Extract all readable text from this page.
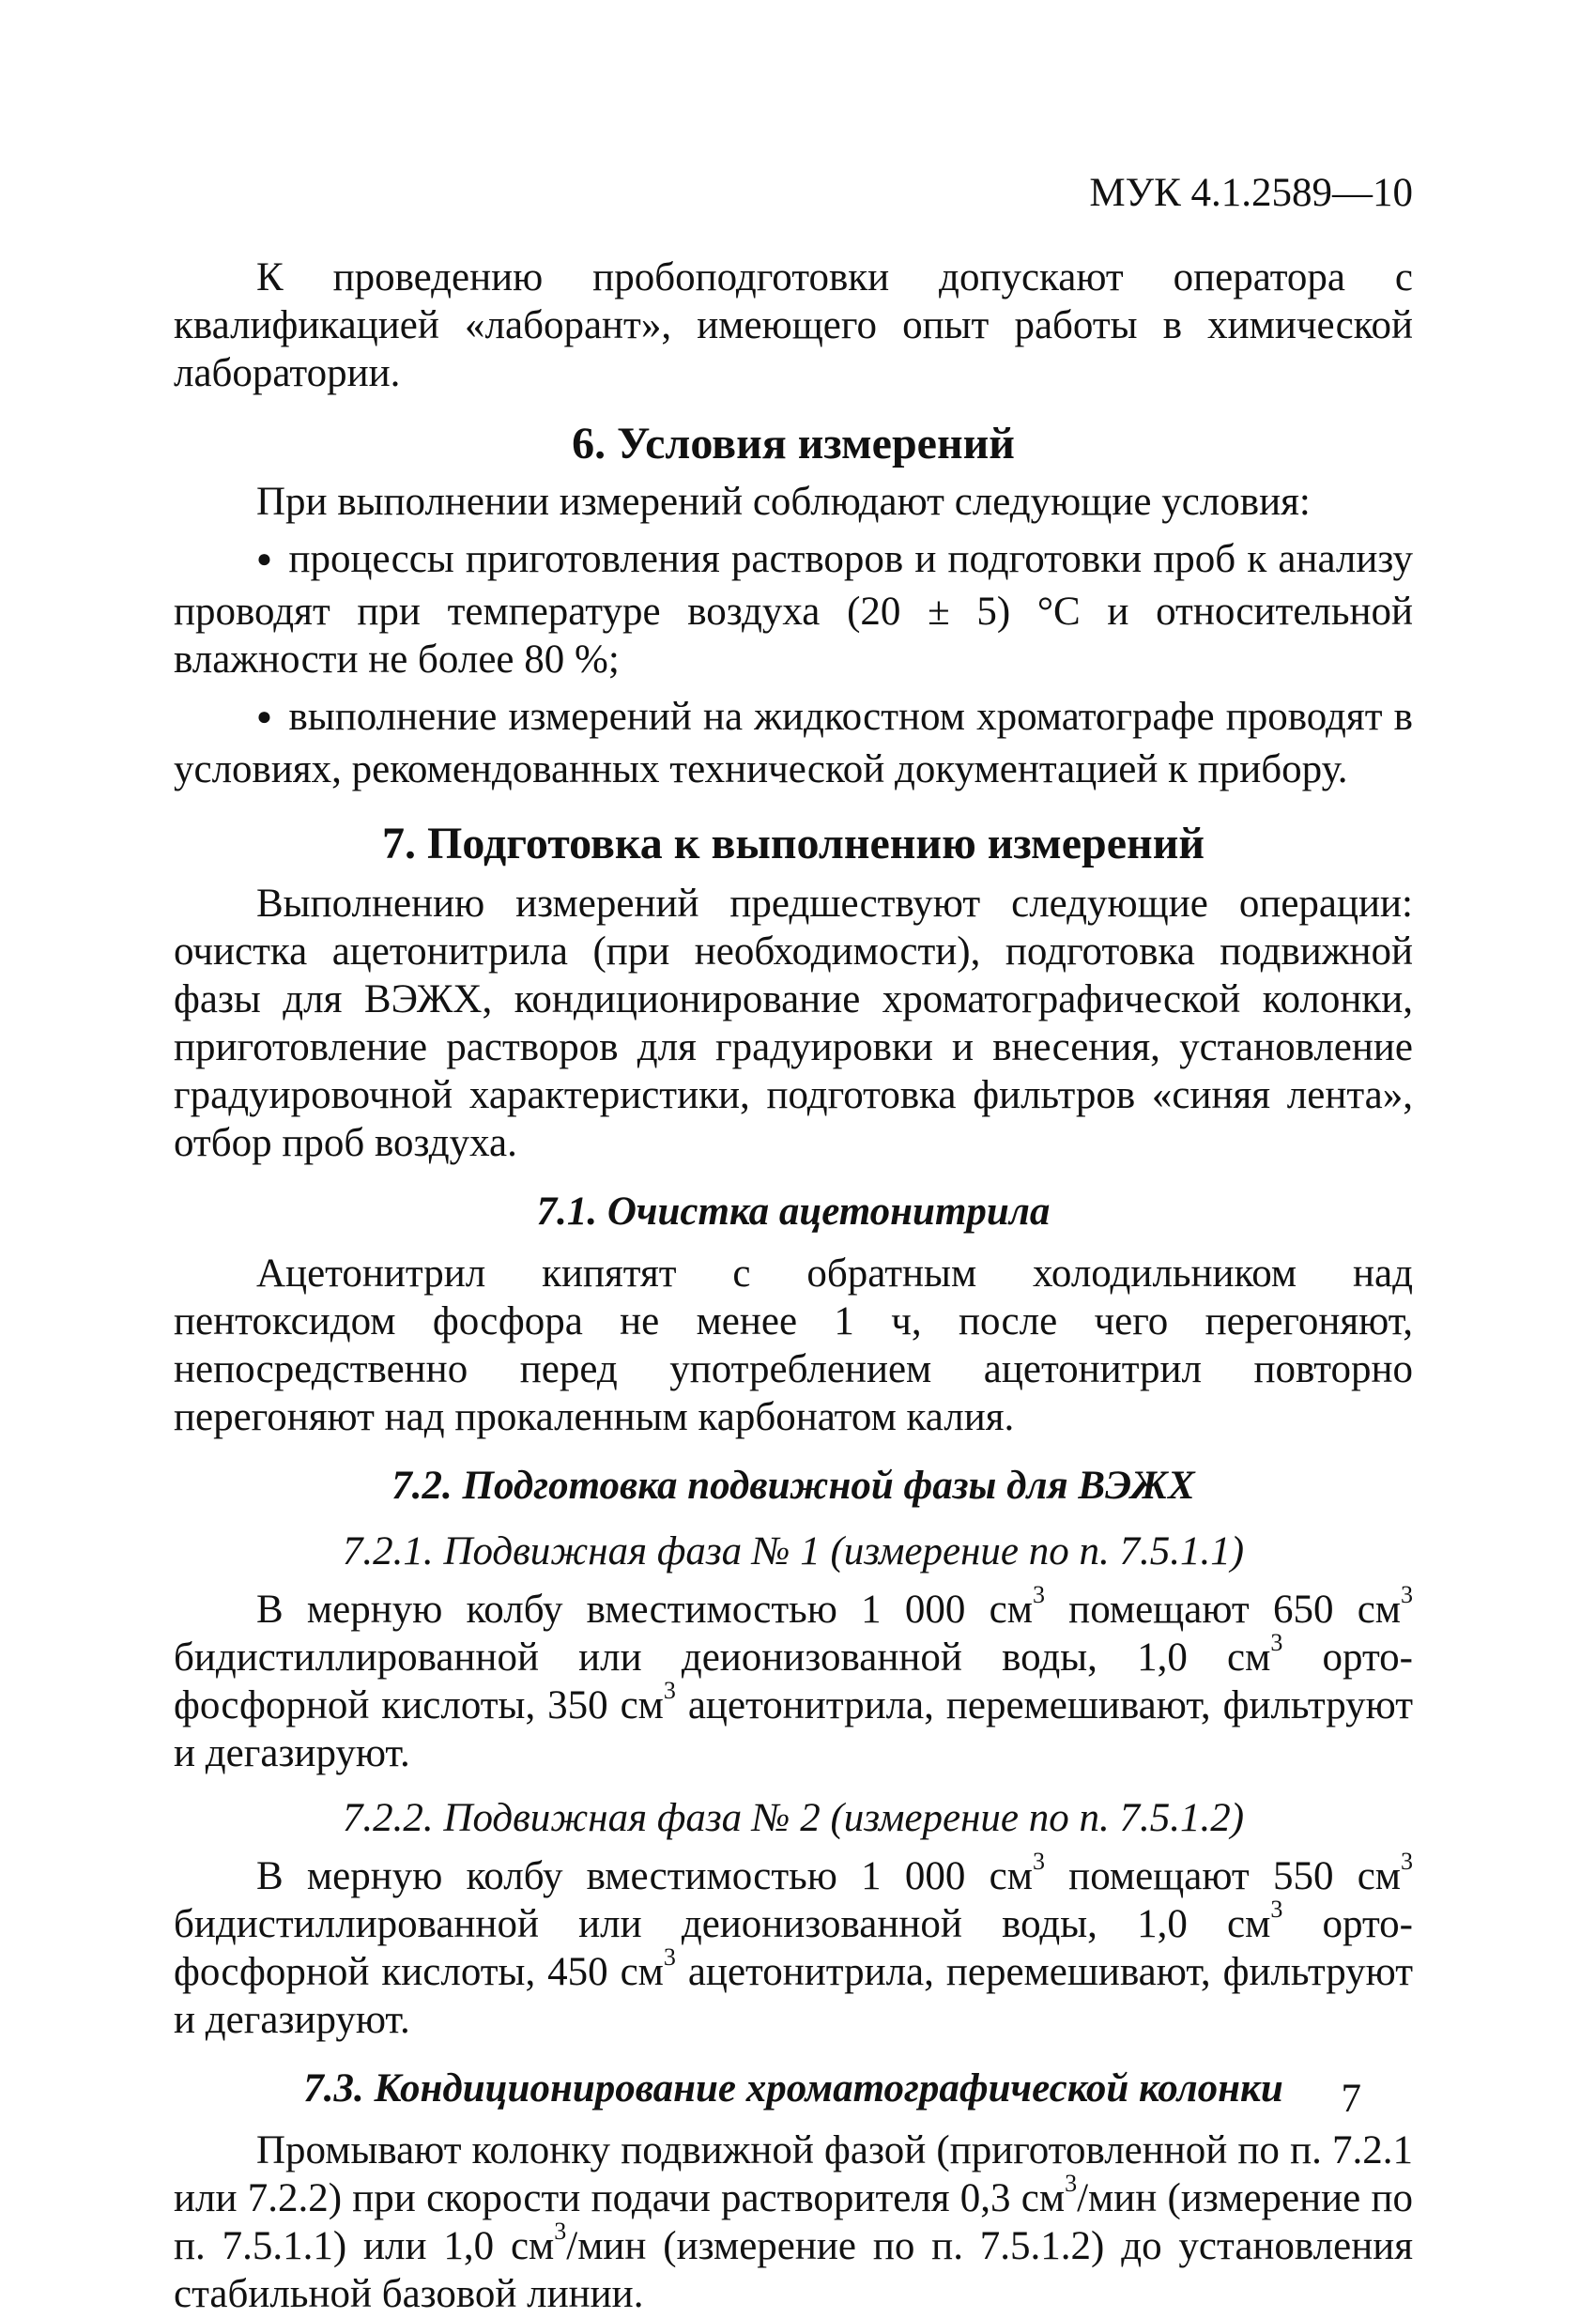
МУК 4.1.2589—10

К проведению пробоподготовки допускают оператора с квалификацией «лаборант», имеющего опыт работы в химической лаборатории.

6. Условия измерений

При выполнении измерений соблюдают следующие условия:

● процессы приготовления растворов и подготовки проб к анализу проводят при температуре воздуха (20 ± 5) °С и относительной влажности не более 80 %;

● выполнение измерений на жидкостном хроматографе проводят в условиях, рекомендованных технической документацией к прибору.

7. Подготовка к выполнению измерений

Выполнению измерений предшествуют следующие операции: очистка ацетонитрила (при необходимости), подготовка подвижной фазы для ВЭЖХ, кондиционирование хроматографической колонки, приготовление растворов для градуировки и внесения, установление градуировочной характеристики, подготовка фильтров «синяя лента», отбор проб воздуха.

7.1. Очистка ацетонитрила

Ацетонитрил кипятят с обратным холодильником над пентоксидом фосфора не менее 1 ч, после чего перегоняют, непосредственно перед употреблением ацетонитрил повторно перегоняют над прокаленным карбонатом калия.

7.2. Подготовка подвижной фазы для ВЭЖХ
7.2.1. Подвижная фаза № 1 (измерение по п. 7.5.1.1)

В мерную колбу вместимостью 1 000 $см^3$ помещают 650 $см^3$ бидистиллированной или деионизованной воды, 1,0 $см^3$ орто-фосфорной кислоты, 350 $см^3$ ацетонитрила, перемешивают, фильтруют и дегазируют.

7.2.2. Подвижная фаза № 2 (измерение по п. 7.5.1.2)

В мерную колбу вместимостью 1 000 $см^3$ помещают 550 $см^3$ бидистиллированной или деионизованной воды, 1,0 $см^3$ орто-фосфорной кислоты, 450 $см^3$ ацетонитрила, перемешивают, фильтруют и дегазируют.

7.3. Кондиционирование хроматографической колонки

Промывают колонку подвижной фазой (приготовленной по п. 7.2.1 или 7.2.2) при скорости подачи растворителя 0,3 $см^3$/мин (измерение по п. 7.5.1.1) или 1,0 $см^3$/мин (измерение по п. 7.5.1.2) до установления стабильной базовой линии.

7
